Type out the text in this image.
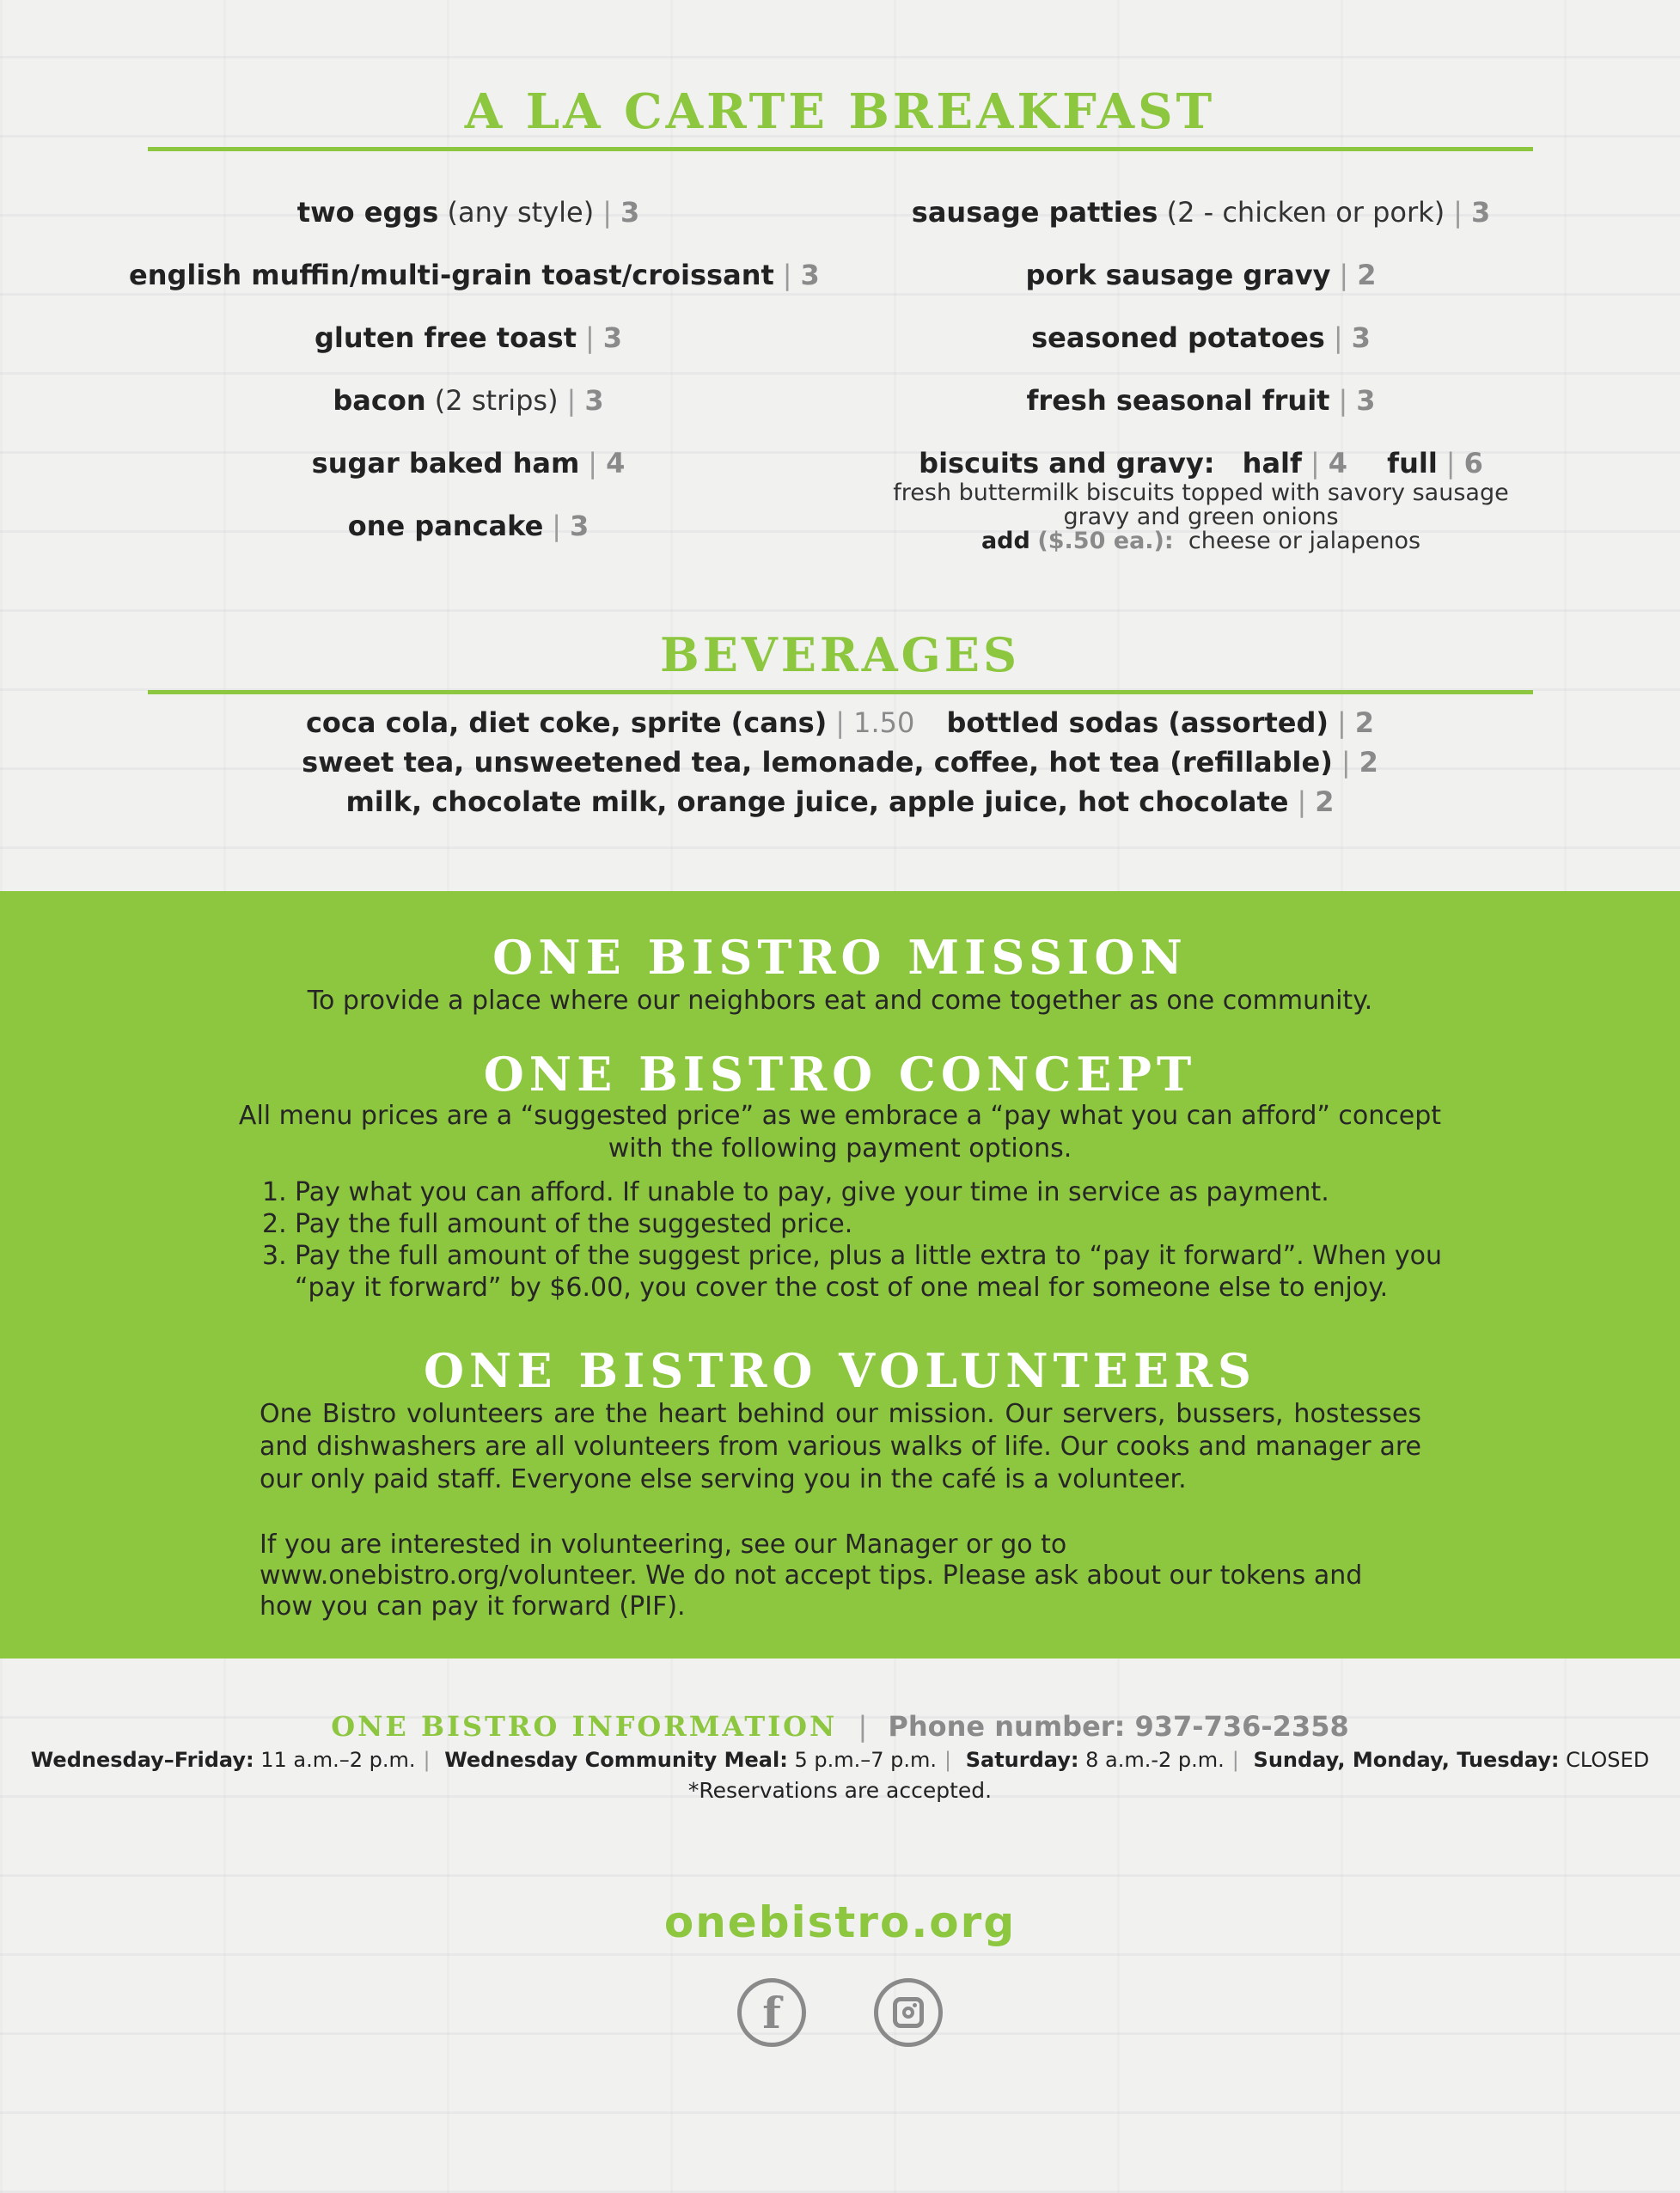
A LA CARTE BREAKFAST
two eggs (any style) | 3
english muffin/multi-grain toast/croissant | 3
gluten free toast | 3
bacon (2 strips) | 3
sugar baked ham | 4
one pancake | 3
sausage patties (2 - chicken or pork) | 3
pork sausage gravy | 2
seasoned potatoes | 3
fresh seasonal fruit | 3
biscuits and gravy: half | 4 full | 6
fresh buttermilk biscuits topped with savory sausage
gravy and green onions
add ($.50 ea.): cheese or jalapenos
BEVERAGES
coca cola, diet coke, sprite (cans) | 1.50 bottled sodas (assorted) | 2
sweet tea, unsweetened tea, lemonade, coffee, hot tea (refillable) | 2
milk, chocolate milk, orange juice, apple juice, hot chocolate | 2
ONE BISTRO MISSION
To provide a place where our neighbors eat and come together as one community.
ONE BISTRO CONCEPT
All menu prices are a “suggested price” as we embrace a “pay what you can afford” concept
with the following payment options.
1. Pay what you can afford. If unable to pay, give your time in service as payment.
2. Pay the full amount of the suggested price.
3. Pay the full amount of the suggest price, plus a little extra to “pay it forward”. When you “pay it forward” by $6.00, you cover the cost of one meal for someone else to enjoy.
ONE BISTRO VOLUNTEERS
One Bistro volunteers are the heart behind our mission. Our servers, bussers, hostesses and dishwashers are all volunteers from various walks of life. Our cooks and manager are our only paid staff. Everyone else serving you in the café is a volunteer.
If you are interested in volunteering, see our Manager or go to www.onebistro.org/volunteer. We do not accept tips. Please ask about our tokens and how you can pay it forward (PIF).
ONE BISTRO INFORMATION | Phone number: 937-736-2358
Wednesday–Friday: 11 a.m.–2 p.m. | Wednesday Community Meal: 5 p.m.–7 p.m. | Saturday: 8 a.m.-2 p.m. | Sunday, Monday, Tuesday: CLOSED
*Reservations are accepted.
onebistro.org
f
